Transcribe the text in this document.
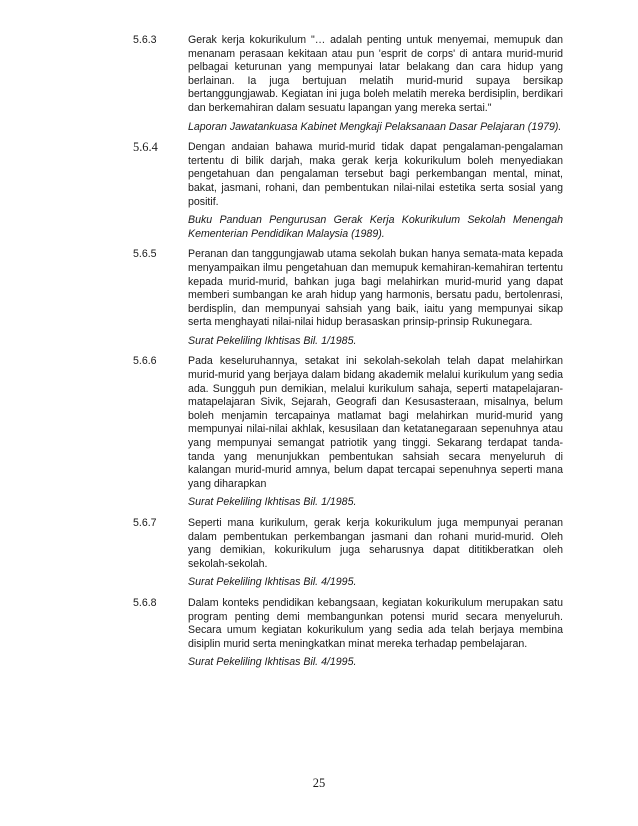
5.6.3	Gerak kerja kokurikulum "… adalah penting untuk menyemai, memupuk dan menanam perasaan kekitaan atau pun 'esprit de corps' di antara murid-murid pelbagai keturunan yang mempunyai latar belakang dan cara hidup yang berlainan. Ia juga bertujuan melatih murid-murid supaya bersikap bertanggungjawab. Kegiatan ini juga boleh melatih mereka berdisiplin, berdikari dan berkemahiran dalam sesuatu lapangan yang mereka sertai."

Laporan Jawatankuasa Kabinet Mengkaji Pelaksanaan Dasar Pelajaran (1979).

5.6.4	Dengan andaian bahawa murid-murid tidak dapat pengalaman-pengalaman tertentu di bilik darjah, maka gerak kerja kokurikulum boleh menyediakan pengetahuan dan pengalaman tersebut bagi perkembangan mental, minat, bakat, jasmani, rohani, dan pembentukan nilai-nilai estetika serta sosial yang positif.

Buku Panduan Pengurusan Gerak Kerja Kokurikulum Sekolah Menengah Kementerian Pendidikan Malaysia (1989).

5.6.5	Peranan dan tanggungjawab utama sekolah bukan hanya semata-mata kepada menyampaikan ilmu pengetahuan dan memupuk kemahiran-kemahiran tertentu kepada murid-murid, bahkan juga bagi melahirkan murid-murid yang dapat memberi sumbangan ke arah hidup yang harmonis, bersatu padu, bertolenrasi, berdisplin, dan mempunyai sahsiah yang baik, iaitu yang mempunyai sikap serta menghayati nilai-nilai hidup berasaskan prinsip-prinsip Rukunegara.

Surat Pekeliling Ikhtisas Bil. 1/1985.

5.6.6	Pada keseluruhannya, setakat ini sekolah-sekolah telah dapat melahirkan murid-murid yang berjaya dalam bidang akademik melalui kurikulum yang sedia ada. Sungguh pun demikian, melalui kurikulum sahaja, seperti matapelajaran-matapelajaran Sivik, Sejarah, Geografi dan Kesusasteraan, misalnya, belum boleh menjamin tercapainya matlamat bagi melahirkan murid-murid yang mempunyai nilai-nilai akhlak, kesusilaan dan ketatanegaraan sepenuhnya atau yang mempunyai semangat patriotik yang tinggi. Sekarang terdapat tanda-tanda yang menunjukkan pembentukan sahsiah secara menyeluruh di kalangan murid-murid amnya, belum dapat tercapai sepenuhnya seperti mana yang diharapkan

Surat Pekeliling Ikhtisas Bil. 1/1985.

5.6.7	Seperti mana kurikulum, gerak kerja kokurikulum juga mempunyai peranan dalam pembentukan perkembangan jasmani dan rohani murid-murid. Oleh yang demikian, kokurikulum juga seharusnya dapat dititikberatkan oleh sekolah-sekolah.

Surat Pekeliling Ikhtisas Bil. 4/1995.

5.6.8	Dalam konteks pendidikan kebangsaan, kegiatan kokurikulum merupakan satu program penting demi membangunkan potensi murid secara menyeluruh. Secara umum kegiatan kokurikulum yang sedia ada telah berjaya membina disiplin murid serta meningkatkan minat mereka terhadap pembelajaran.

Surat Pekeliling Ikhtisas Bil. 4/1995.

25
